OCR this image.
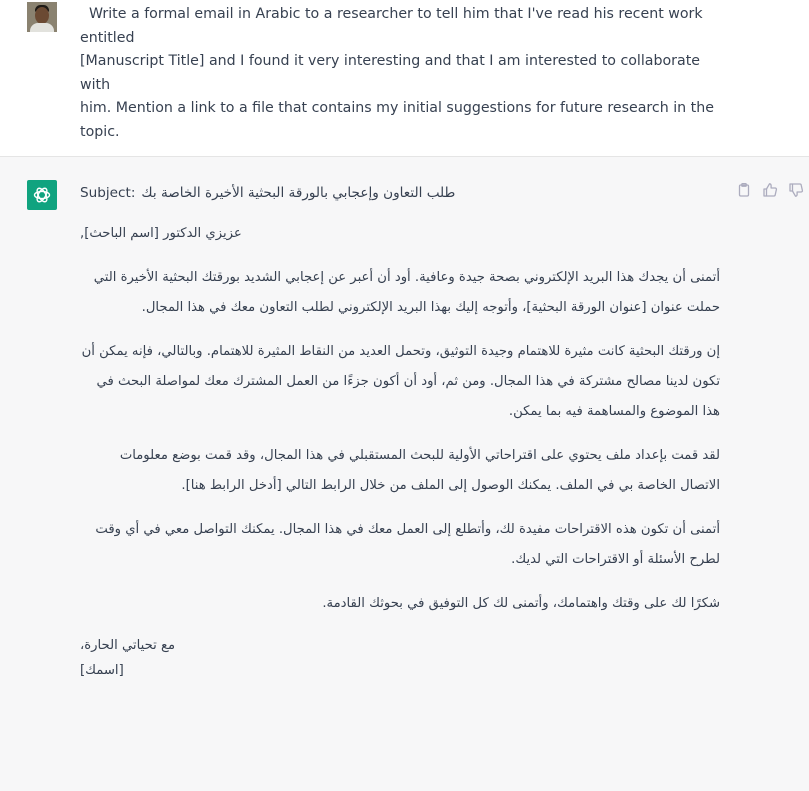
Write a formal email in Arabic to a researcher to tell him that I've read his recent work
entitled
[Manuscript Title] and I found it very interesting and that I am interested to collaborate with
him. Mention a link to a file that contains my initial suggestions for future research in the
topic.

Subject: طلب التعاون وإعجابي بالورقة البحثية الأخيرة الخاصة بك

عزيزي الدكتور [اسم الباحث],

أتمنى أن يجدك هذا البريد الإلكتروني بصحة جيدة وعافية. أود أن أعبر عن إعجابي الشديد بورقتك البحثية الأخيرة التي حملت عنوان [عنوان الورقة البحثية]، وأتوجه إليك بهذا البريد الإلكتروني لطلب التعاون معك في هذا المجال.

إن ورقتك البحثية كانت مثيرة للاهتمام وجيدة التوثيق، وتحمل العديد من النقاط المثيرة للاهتمام. وبالتالي، فإنه يمكن أن تكون لدينا مصالح مشتركة في هذا المجال. ومن ثم، أود أن أكون جزءًا من العمل المشترك معك لمواصلة البحث في هذا الموضوع والمساهمة فيه بما يمكن.

لقد قمت بإعداد ملف يحتوي على اقتراحاتي الأولية للبحث المستقبلي في هذا المجال، وقد قمت بوضع معلومات الاتصال الخاصة بي في الملف. يمكنك الوصول إلى الملف من خلال الرابط التالي [أدخل الرابط هنا].

أتمنى أن تكون هذه الاقتراحات مفيدة لك، وأتطلع إلى العمل معك في هذا المجال. يمكنك التواصل معي في أي وقت لطرح الأسئلة أو الاقتراحات التي لديك.

شكرًا لك على وقتك واهتمامك، وأتمنى لك كل التوفيق في بحوثك القادمة.

مع تحياتي الحارة،
[اسمك]
